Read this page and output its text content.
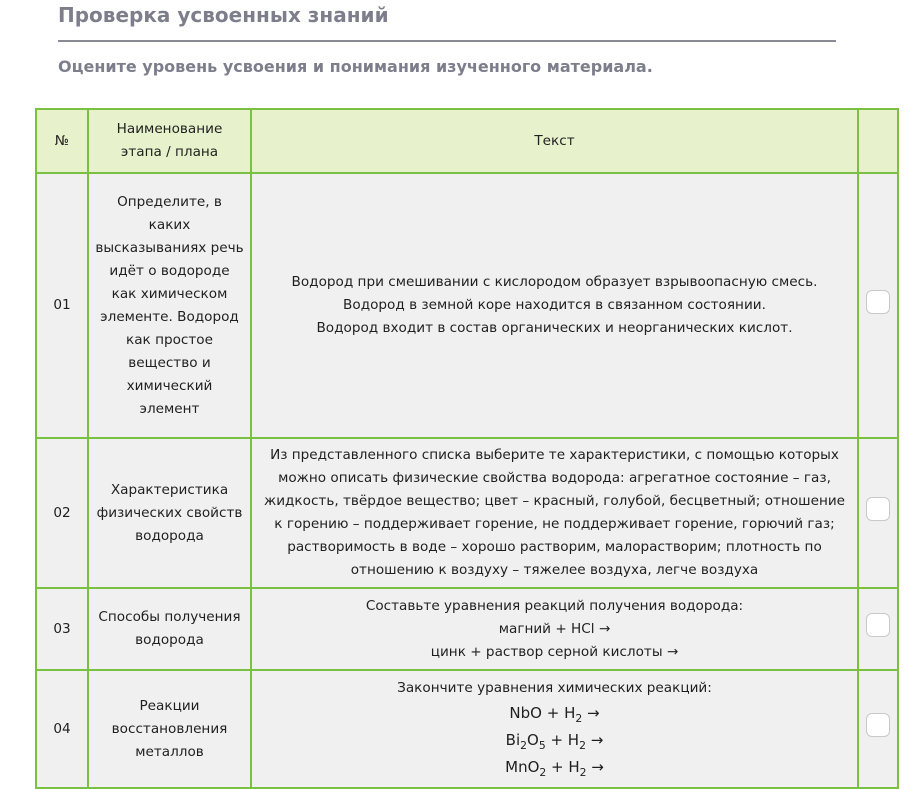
Проверка усвоенных знаний
Оцените уровень усвоения и понимания изученного материала.
№	Наименование этапа / плана	Текст	
01	Определите, в каких высказываниях речь идёт о водороде как химическом элементе. Водород как простое вещество и химический элемент	Водород при смешивании с кислородом образует взрывоопасную смесь.
Водород в земной коре находится в связанном состоянии.
Водород входит в состав органических и неорганических кислот.	

02	Характеристика физических свойств водорода	Из представленного списка выберите те характеристики, с помощью которых можно описать физические свойства водорода: агрегатное состояние – газ, жидкость, твёрдое вещество; цвет – красный, голубой, бесцветный; отношение к горению – поддерживает горение, не поддерживает горение, горючий газ; растворимость в воде – хорошо растворим, малорастворим; плотность по отношению к воздуху – тяжелее воздуха, легче воздуха	
03	Способы получения водорода	Составьте уравнения реакций получения водорода:
магний + HCl →
цинк + раствор серной кислоты →	

04	Реакции восстановления металлов	Закончите уравнения химических реакций:
NbO + $H_2$ →
$Bi_2O_5 + H_2$ →
$MnO_2 + H_2$ →	
